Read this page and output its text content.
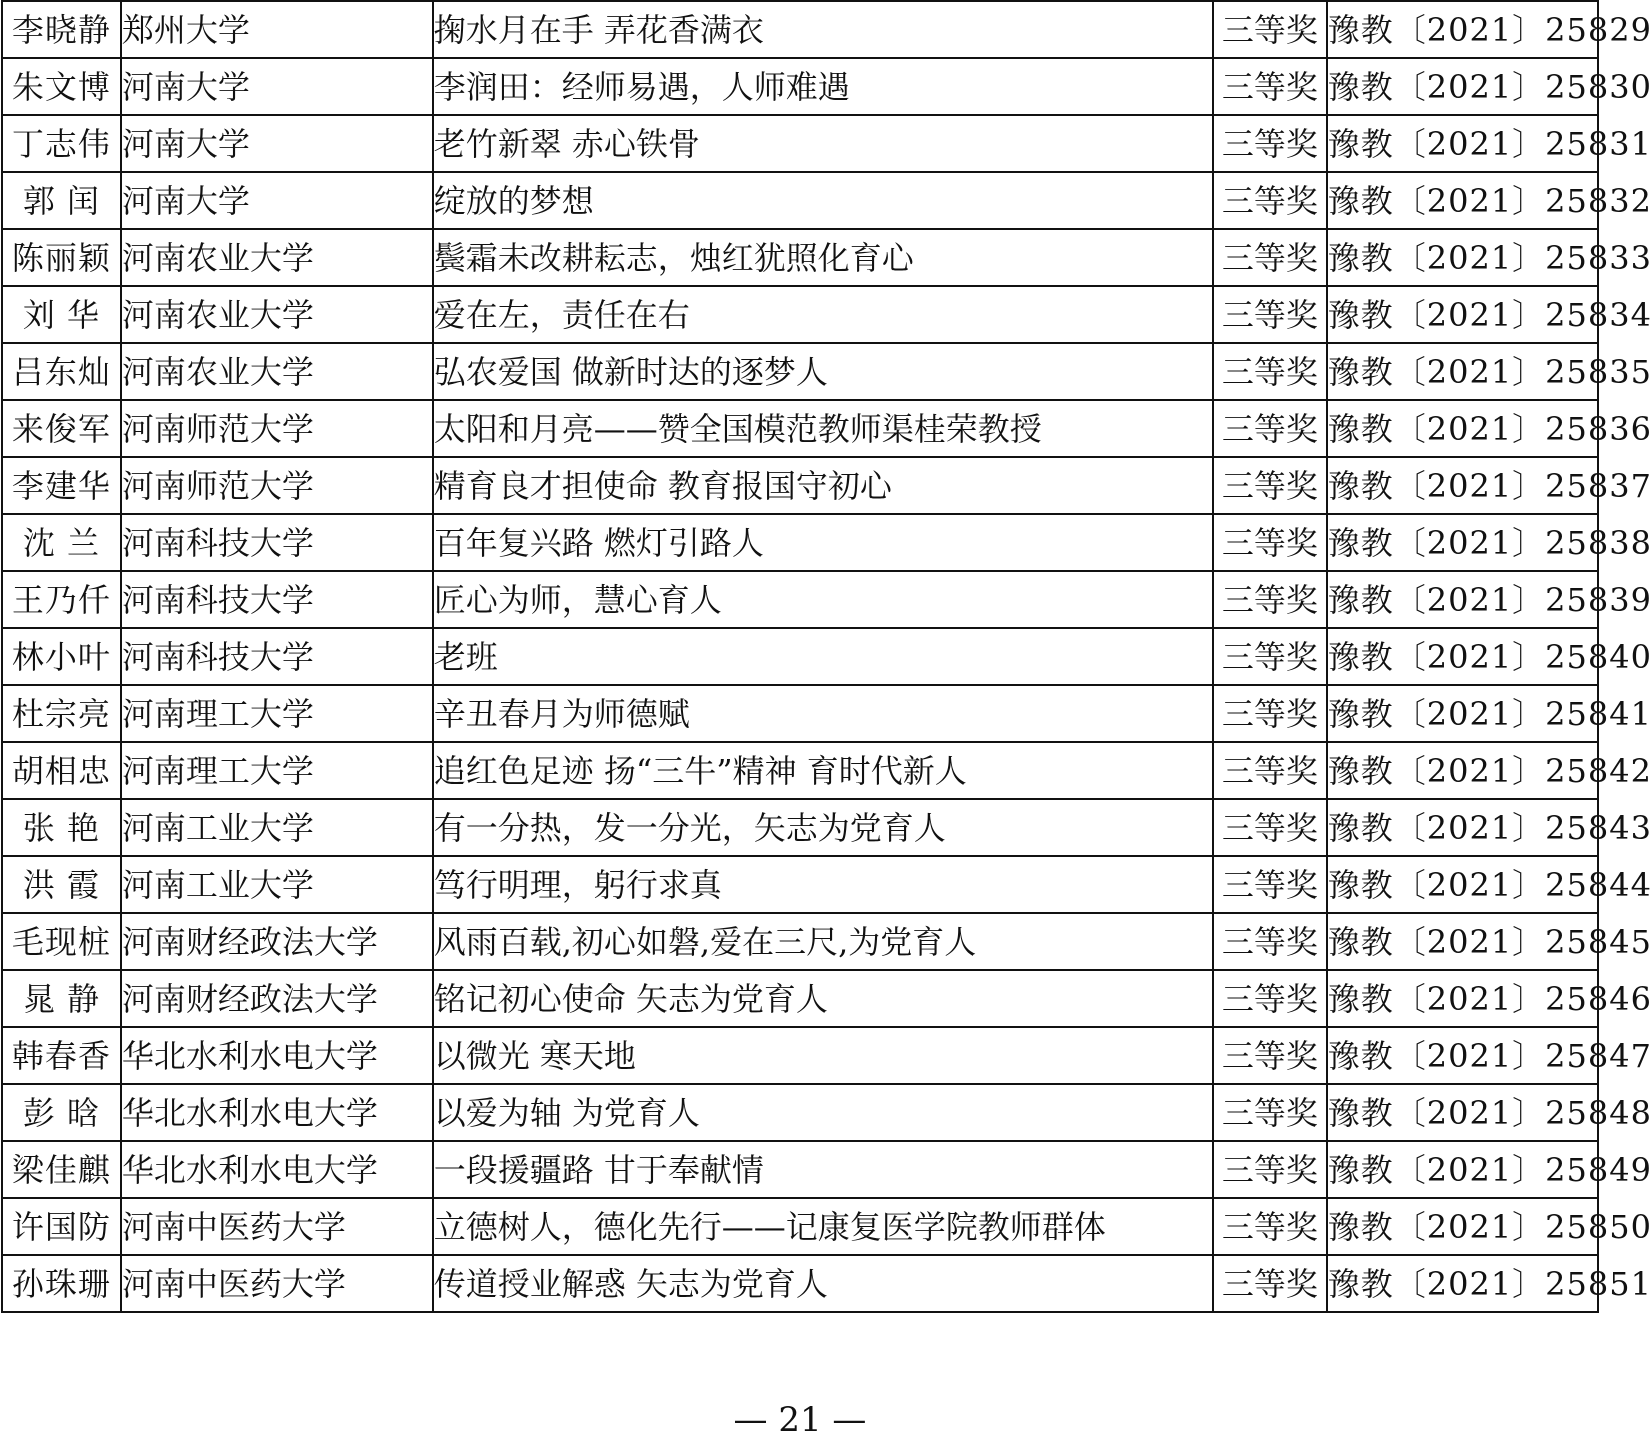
李晓静	郑州大学	掬水月在手 弄花香满衣	三等奖	豫教〔2021〕25829
朱文博	河南大学	李润田：经师易遇，人师难遇	三等奖	豫教〔2021〕25830
丁志伟	河南大学	老竹新翠 赤心铁骨	三等奖	豫教〔2021〕25831
郭 闰	河南大学	绽放的梦想	三等奖	豫教〔2021〕25832
陈丽颖	河南农业大学	鬓霜未改耕耘志，烛红犹照化育心	三等奖	豫教〔2021〕25833
刘 华	河南农业大学	爱在左，责任在右	三等奖	豫教〔2021〕25834
吕东灿	河南农业大学	弘农爱国 做新时达的逐梦人	三等奖	豫教〔2021〕25835
来俊军	河南师范大学	太阳和月亮——赞全国模范教师渠桂荣教授	三等奖	豫教〔2021〕25836
李建华	河南师范大学	精育良才担使命 教育报国守初心	三等奖	豫教〔2021〕25837
沈 兰	河南科技大学	百年复兴路 燃灯引路人	三等奖	豫教〔2021〕25838
王乃仟	河南科技大学	匠心为师，慧心育人	三等奖	豫教〔2021〕25839
林小叶	河南科技大学	老班	三等奖	豫教〔2021〕25840
杜宗亮	河南理工大学	辛丑春月为师德赋	三等奖	豫教〔2021〕25841
胡相忠	河南理工大学	追红色足迹 扬“三牛”精神 育时代新人	三等奖	豫教〔2021〕25842
张 艳	河南工业大学	有一分热，发一分光，矢志为党育人	三等奖	豫教〔2021〕25843
洪 霞	河南工业大学	笃行明理，躬行求真	三等奖	豫教〔2021〕25844
毛现桩	河南财经政法大学	风雨百载,初心如磐,爱在三尺,为党育人	三等奖	豫教〔2021〕25845
晁 静	河南财经政法大学	铭记初心使命 矢志为党育人	三等奖	豫教〔2021〕25846
韩春香	华北水利水电大学	以微光 寒天地	三等奖	豫教〔2021〕25847
彭 晗	华北水利水电大学	以爱为轴 为党育人	三等奖	豫教〔2021〕25848
梁佳麒	华北水利水电大学	一段援疆路 甘于奉献情	三等奖	豫教〔2021〕25849
许国防	河南中医药大学	立德树人，德化先行——记康复医学院教师群体	三等奖	豫教〔2021〕25850
孙珠珊	河南中医药大学	传道授业解惑 矢志为党育人	三等奖	豫教〔2021〕25851
— 21 —
